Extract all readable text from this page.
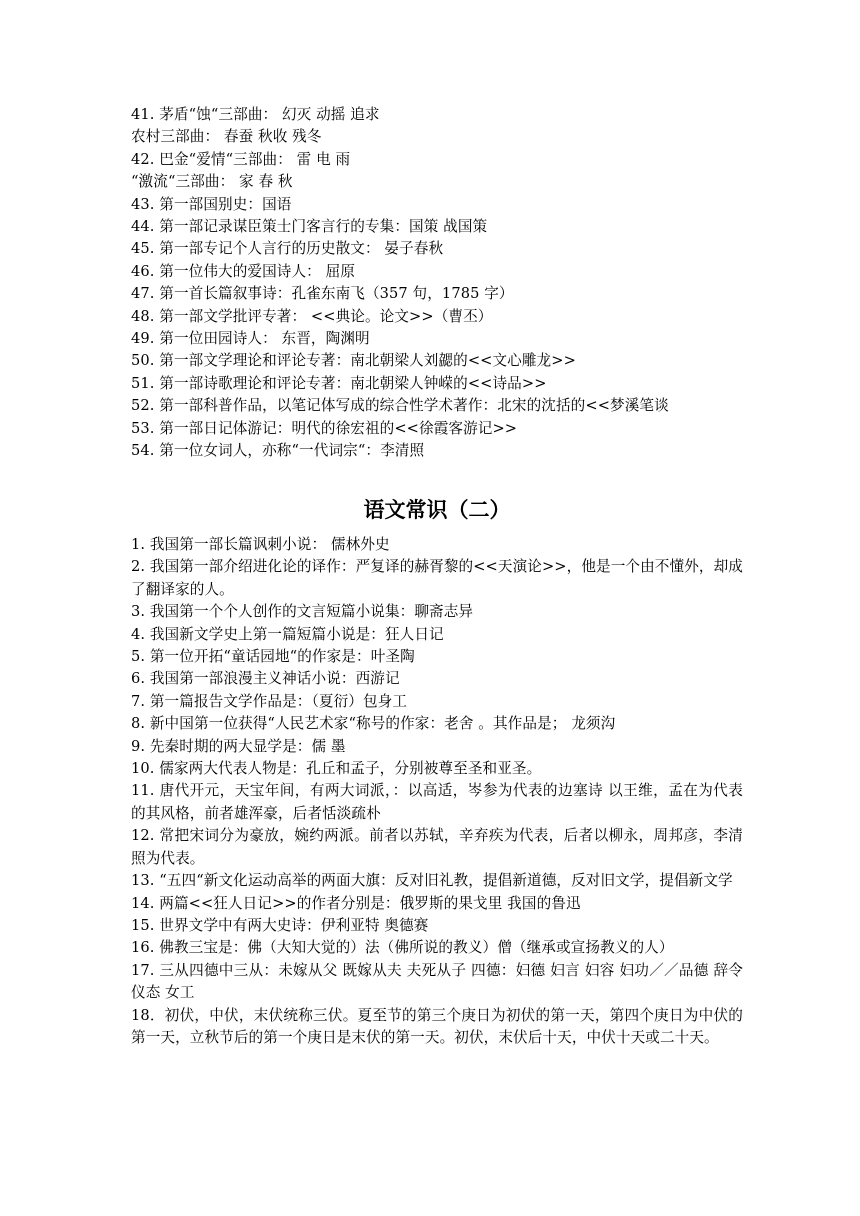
41. 茅盾“蚀“三部曲： 幻灭 动摇 追求
农村三部曲： 春蚕 秋收 残冬
42. 巴金“爱情“三部曲： 雷 电 雨
“激流“三部曲： 家 春 秋
43. 第一部国别史：国语
44. 第一部记录谋臣策士门客言行的专集：国策 战国策
45. 第一部专记个人言行的历史散文： 晏子春秋
46. 第一位伟大的爱国诗人： 屈原
47. 第一首长篇叙事诗：孔雀东南飞（357 句，1785 字）
48. 第一部文学批评专著： <<典论。论文>>（曹丕）
49. 第一位田园诗人： 东晋，陶渊明
50. 第一部文学理论和评论专著：南北朝梁人刘勰的<<文心雕龙>>
51. 第一部诗歌理论和评论专著：南北朝梁人钟嵘的<<诗品>>
52. 第一部科普作品，以笔记体写成的综合性学术著作：北宋的沈括的<<梦溪笔谈
53. 第一部日记体游记：明代的徐宏祖的<<徐霞客游记>>
54. 第一位女词人，亦称“一代词宗“：李清照
语文常识（二）
1. 我国第一部长篇讽刺小说： 儒林外史
2. 我国第一部介绍进化论的译作：严复译的赫胥黎的<<天演论>>，他是一个由不懂外，却成了翻译家的人。
3. 我国第一个个人创作的文言短篇小说集：聊斋志异
4. 我国新文学史上第一篇短篇小说是：狂人日记
5. 第一位开拓“童话园地“的作家是：叶圣陶
6. 我国第一部浪漫主义神话小说：西游记
7. 第一篇报告文学作品是：（夏衍）包身工
8. 新中国第一位获得“人民艺术家“称号的作家：老舍 。其作品是； 龙须沟
9. 先秦时期的两大显学是：儒 墨
10. 儒家两大代表人物是：孔丘和孟子，分别被尊至圣和亚圣。
11. 唐代开元，天宝年间，有两大词派，：以高适，岑参为代表的边塞诗 以王维，孟在为代表的其风格，前者雄浑豪，后者恬淡疏朴
12. 常把宋词分为豪放，婉约两派。前者以苏轼，辛弃疾为代表，后者以柳永，周邦彦，李清照为代表。
13. “五四“新文化运动高举的两面大旗：反对旧礼教，提倡新道德，反对旧文学，提倡新文学
14. 两篇<<狂人日记>>的作者分别是：俄罗斯的果戈里 我国的鲁迅
15. 世界文学中有两大史诗：伊利亚特 奥德赛
16. 佛教三宝是：佛（大知大觉的）法（佛所说的教义）僧（继承或宣扬教义的人）
17. 三从四德中三从：未嫁从父 既嫁从夫 夫死从子 四德：妇德 妇言 妇容 妇功／／品德 辞令 仪态 女工
18．初伏，中伏，末伏统称三伏。夏至节的第三个庚日为初伏的第一天，第四个庚日为中伏的第一天，立秋节后的第一个庚日是末伏的第一天。初伏，末伏后十天，中伏十天或二十天。
